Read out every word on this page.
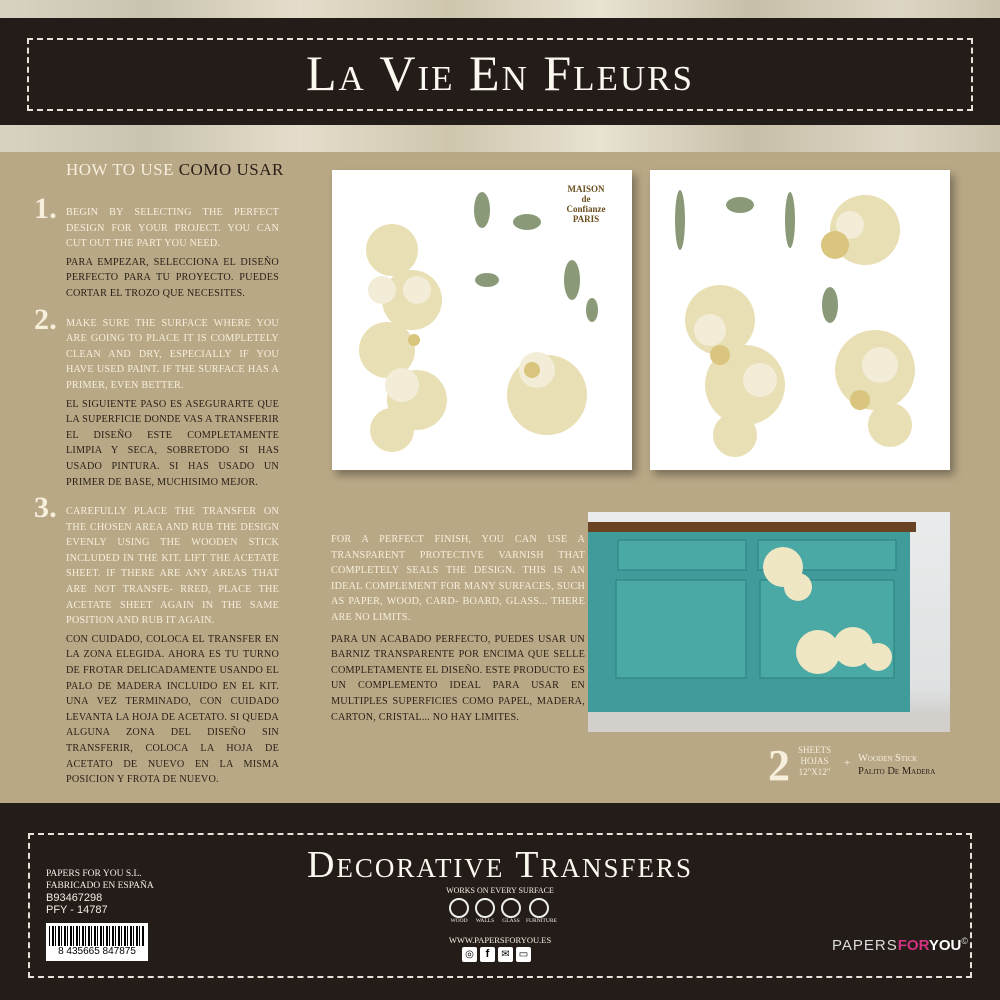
La Vie En Fleurs
HOW TO USE COMO USAR
1. BEGIN BY SELECTING THE PERFECT DESIGN FOR YOUR PROJECT. YOU CAN CUT OUT THE PART YOU NEED.

PARA EMPEZAR, SELECCIONA EL DISEÑO PERFECTO PARA TU PROYECTO. PUEDES CORTAR EL TROZO QUE NECESITES.

2. MAKE SURE THE SURFACE WHERE YOU ARE GOING TO PLACE IT IS COMPLETELY CLEAN AND DRY, ESPECIALLY IF YOU HAVE USED PAINT. IF THE SURFACE HAS A PRIMER, EVEN BETTER.

EL SIGUIENTE PASO ES ASEGURARTE QUE LA SUPERFICIE DONDE VAS A TRANSFERIR EL DISEÑO ESTE COMPLETAMENTE LIMPIA Y SECA, SOBRETODO SI HAS USADO PINTURA. SI HAS USADO UN PRIMER DE BASE, MUCHISIMO MEJOR.

3. CAREFULLY PLACE THE TRANSFER ON THE CHOSEN AREA AND RUB THE DESIGN EVENLY USING THE WOODEN STICK INCLUDED IN THE KIT. LIFT THE ACETATE SHEET. IF THERE ARE ANY AREAS THAT ARE NOT TRANSFE- RRED, PLACE THE ACETATE SHEET AGAIN IN THE SAME POSITION AND RUB IT AGAIN.

CON CUIDADO, COLOCA EL TRANSFER EN LA ZONA ELEGIDA. AHORA ES TU TURNO DE FROTAR DELICADAMENTE USANDO EL PALO DE MADERA INCLUIDO EN EL KIT. UNA VEZ TERMINADO, CON CUIDADO LEVANTA LA HOJA DE ACETATO. SI QUEDA ALGUNA ZONA DEL DISEÑO SIN TRANSFERIR, COLOCA LA HOJA DE ACETATO DE NUEVO EN LA MISMA POSICION Y FROTA DE NUEVO.

FOR A PERFECT FINISH, YOU CAN USE A TRANSPARENT PROTECTIVE VARNISH THAT COMPLETELY SEALS THE DESIGN. THIS IS AN IDEAL COMPLEMENT FOR MANY SURFACES, SUCH AS PAPER, WOOD, CARD- BOARD, GLASS... THERE ARE NO LIMITS.

PARA UN ACABADO PERFECTO, PUEDES USAR UN BARNIZ TRANSPARENTE POR ENCIMA QUE SELLE COMPLETAMENTE EL DISEÑO. ESTE PRODUCTO ES UN COMPLEMENTO IDEAL PARA USAR EN MULTIPLES SUPERFICIES COMO PAPEL, MADERA, CARTON, CRISTAL... NO HAY LIMITES.

MAISON
de
Confianze
PARIS
2 SHEETS
HOJAS
12"X12"
+ Wooden Stick
Palito De Madera
Decorative Transfers
PAPERS FOR YOU S.L.
FABRICADO EN ESPAÑA
B93467298
PFY - 14787
8 435665 847875
WORKS ON EVERY SURFACE
WOOD	WALLS	GLASS	FURNITURE
WWW.PAPERSFORYOU.ES
◎	f	✉ ▭
PAPERSFORYOU©
